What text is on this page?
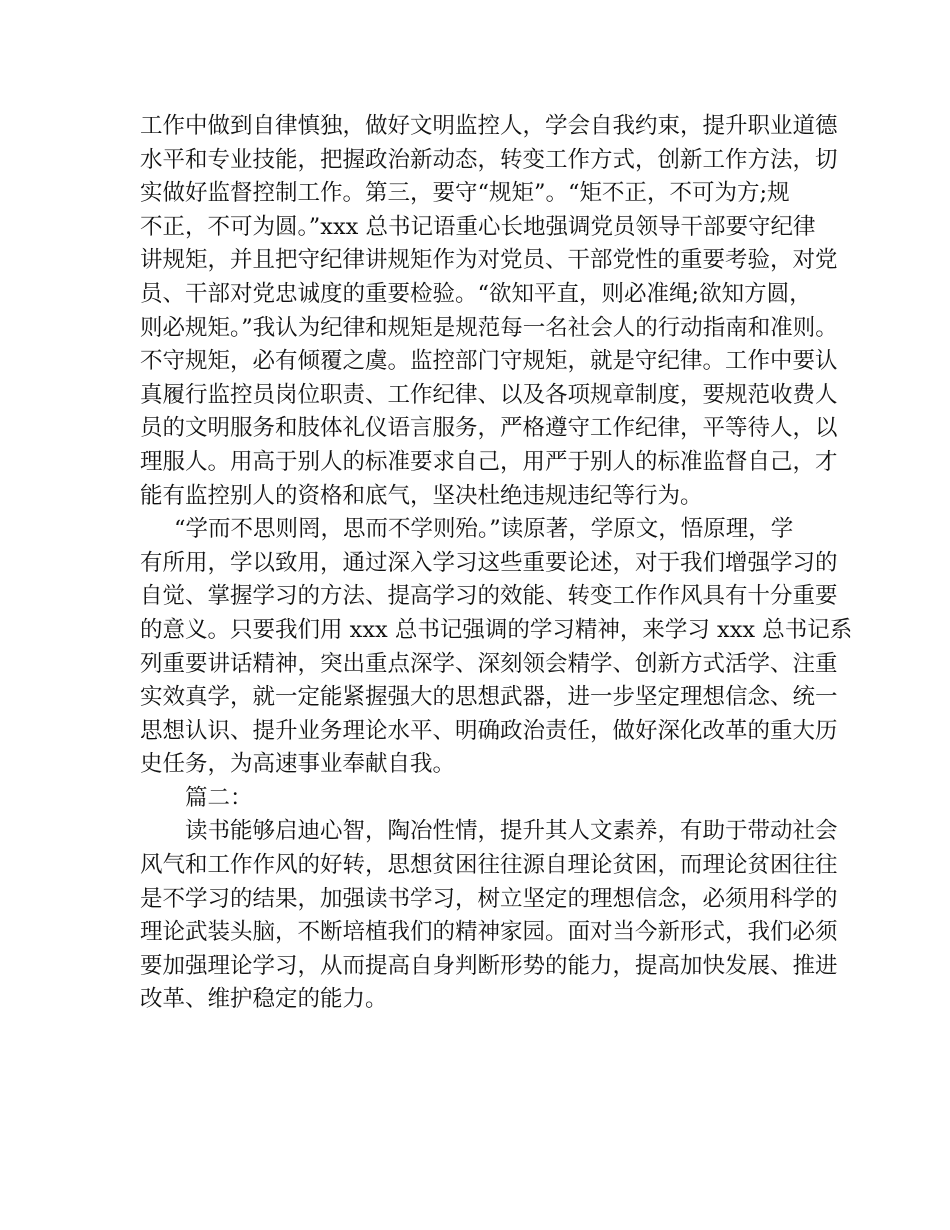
工作中做到自律慎独，做好文明监控人，学会自我约束，提升职业道德
水平和专业技能，把握政治新动态，转变工作方式，创新工作方法，切
实做好监督控制工作。第三，要守“规矩”。“矩不正，不可为方;规
不正，不可为圆。”xxx 总书记语重心长地强调党员领导干部要守纪律
讲规矩，并且把守纪律讲规矩作为对党员、干部党性的重要考验，对党
员、干部对党忠诚度的重要检验。“欲知平直，则必准绳;欲知方圆，
则必规矩。”我认为纪律和规矩是规范每一名社会人的行动指南和准则。
不守规矩，必有倾覆之虞。监控部门守规矩，就是守纪律。工作中要认
真履行监控员岗位职责、工作纪律、以及各项规章制度，要规范收费人
员的文明服务和肢体礼仪语言服务，严格遵守工作纪律，平等待人，以
理服人。用高于别人的标准要求自己，用严于别人的标准监督自己，才
能有监控别人的资格和底气，坚决杜绝违规违纪等行为。
“学而不思则罔，思而不学则殆。”读原著，学原文，悟原理，学
有所用，学以致用，通过深入学习这些重要论述，对于我们增强学习的
自觉、掌握学习的方法、提高学习的效能、转变工作作风具有十分重要
的意义。只要我们用 xxx 总书记强调的学习精神，来学习 xxx 总书记系
列重要讲话精神，突出重点深学、深刻领会精学、创新方式活学、注重
实效真学，就一定能紧握强大的思想武器，进一步坚定理想信念、统一
思想认识、提升业务理论水平、明确政治责任，做好深化改革的重大历
史任务，为高速事业奉献自我。
篇二：
读书能够启迪心智，陶冶性情，提升其人文素养，有助于带动社会
风气和工作作风的好转，思想贫困往往源自理论贫困，而理论贫困往往
是不学习的结果，加强读书学习，树立坚定的理想信念，必须用科学的
理论武装头脑，不断培植我们的精神家园。面对当今新形式，我们必须
要加强理论学习，从而提高自身判断形势的能力，提高加快发展、推进
改革、维护稳定的能力。
